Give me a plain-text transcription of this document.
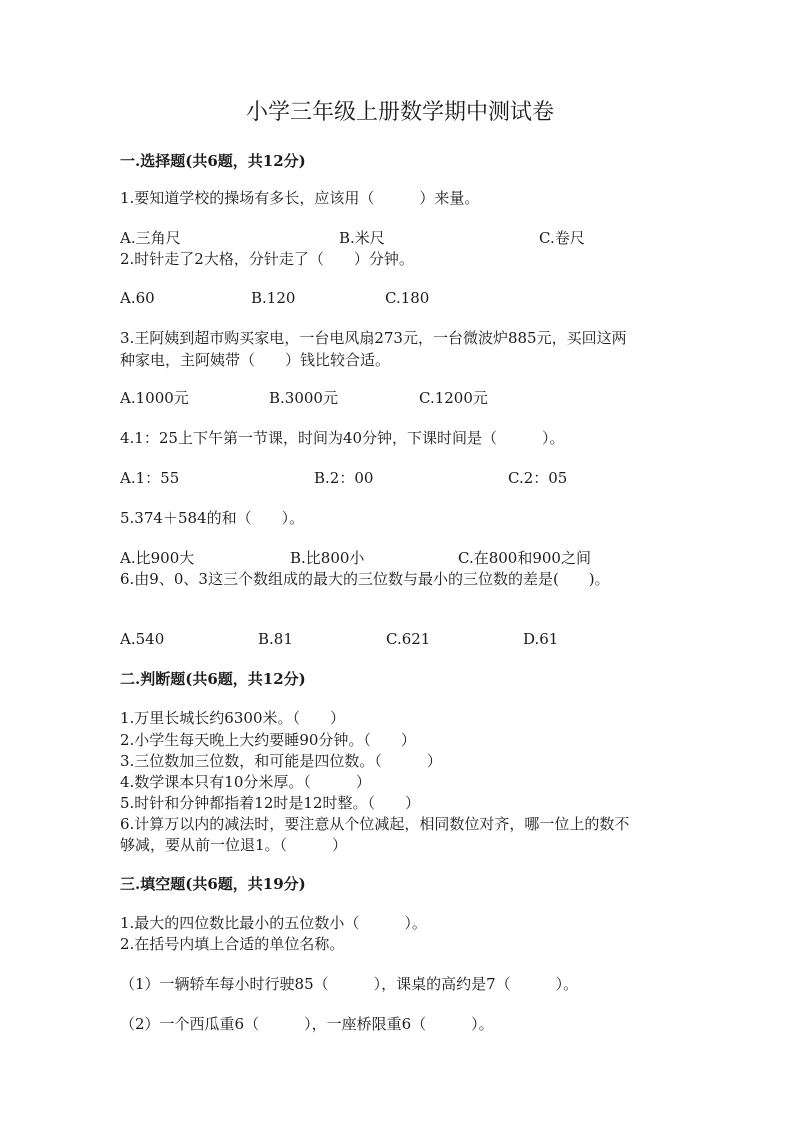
小学三年级上册数学期中测试卷
一.选择题(共6题，共12分)
1.要知道学校的操场有多长，应该用（　　　）来量。
A.三角尺	B.米尺	C.卷尺
2.时针走了2大格，分针走了（　　）分钟。
A.60	B.120	C.180
3.王阿姨到超市购买家电，一台电风扇273元，一台微波炉885元，买回这两
种家电，主阿姨带（　　）钱比较合适。
A.1000元	B.3000元	C.1200元
4.1：25上下午第一节课，时间为40分钟，下课时间是（　　　）。
A.1：55	B.2：00	C.2：05
5.374＋584的和（　　）。
A.比900大	B.比800小	C.在800和900之间
6.由9、0、3这三个数组成的最大的三位数与最小的三位数的差是(　　)。
A.540	B.81	C.621	D.61
二.判断题(共6题，共12分)
1.万里长城长约6300米。（　　）
2.小学生每天晚上大约要睡90分钟。（　　）
3.三位数加三位数，和可能是四位数。（　　　）
4.数学课本只有10分米厚。（　　　）
5.时针和分钟都指着12时是12时整。（　　）
6.计算万以内的减法时，要注意从个位减起，相同数位对齐，哪一位上的数不
够减，要从前一位退1。（　　　）
三.填空题(共6题，共19分)
1.最大的四位数比最小的五位数小（　　　）。
2.在括号内填上合适的单位名称。
（1）一辆轿车每小时行驶85（　　　），课桌的高约是7（　　　）。
（2）一个西瓜重6（　　　），一座桥限重6（　　　）。
